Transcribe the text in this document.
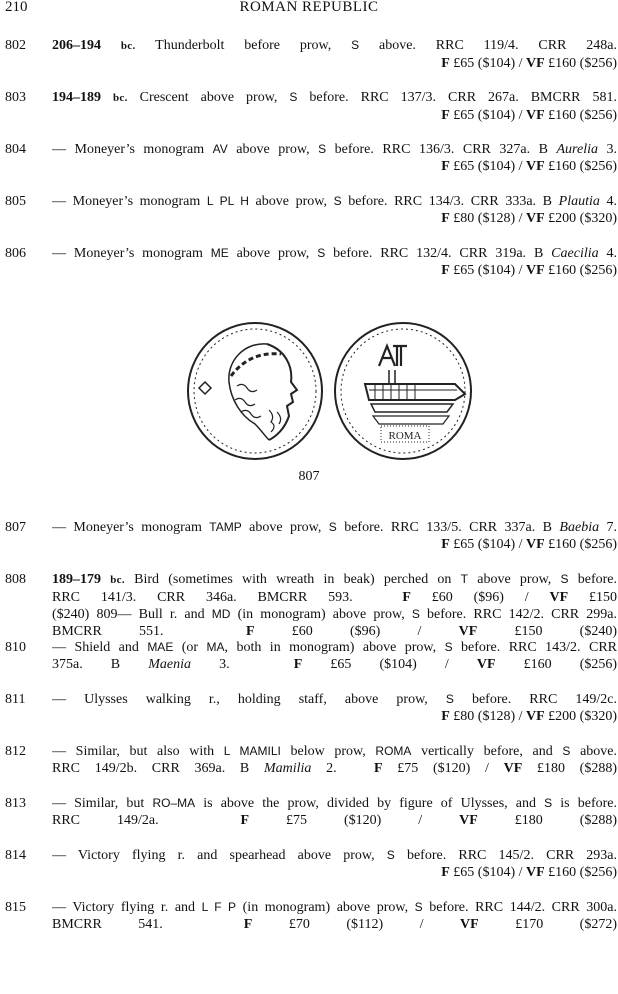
210	ROMAN REPUBLIC
802 206–194 bc. Thunderbolt before prow, S above. RRC 119/4. CRR 248a.
F £65 ($104) / VF £160 ($256)
803 194–189 bc. Crescent above prow, S before. RRC 137/3. CRR 267a. BMCRR 581.
F £65 ($104) / VF £160 ($256)
804 — Moneyer’s monogram AV above prow, S before. RRC 136/3. CRR 327a. B Aurelia 3.
F £65 ($104) / VF £160 ($256)
805 — Moneyer’s monogram L PL H above prow, S before. RRC 134/3. CRR 333a. B Plautia 4.
F £80 ($128) / VF £200 ($320)
806 — Moneyer’s monogram ME above prow, S before. RRC 132/4. CRR 319a. B Caecilia 4.
F £65 ($104) / VF £160 ($256)
807 — Moneyer’s monogram TAMP above prow, S before. RRC 133/5. CRR 337a. B Baebia 7.
F £65 ($104) / VF £160 ($256)
808 189–179 bc. Bird (sometimes with wreath in beak) perched on T above prow, S before.
RRC 141/3. CRR 346a. BMCRR 593.	F £60 ($96) / VF £150
($240) 809— Bull r. and MD (in monogram) above prow, S before. RRC 142/2. CRR 299a.
BMCRR 551.	F £60 ($96) / VF £150 ($240)
810 — Shield and MAE (or MA, both in monogram) above prow, S before. RRC 143/2. CRR
375a. B Maenia 3.	F £65 ($104) / VF £160 ($256)
811 — Ulysses walking r., holding staff, above prow, S before. RRC 149/2c.
F £80 ($128) / VF £200 ($320)
812 — Similar, but also with L MAMILI below prow, ROMA vertically before, and S above.
RRC 149/2b. CRR 369a. B Mamilia 2.	F £75 ($120) / VF £180 ($288)
813 — Similar, but RO–MA is above the prow, divided by figure of Ulysses, and S is before.
RRC 149/2a.	F £75 ($120) / VF £180 ($288)
814 — Victory flying r. and spearhead above prow, S before. RRC 145/2. CRR 293a.
F £65 ($104) / VF £160 ($256)
815 — Victory flying r. and L F P (in monogram) above prow, S before. RRC 144/2. CRR 300a.
BMCRR 541.	F £70 ($112) / VF £170 ($272)
ROMA
807
